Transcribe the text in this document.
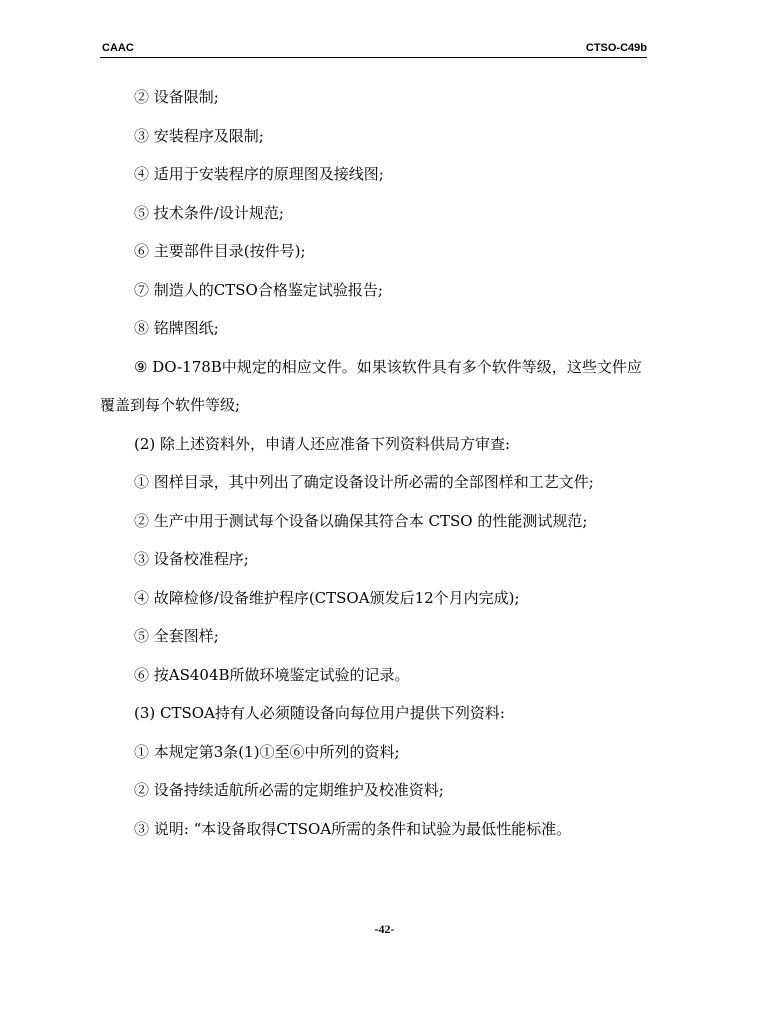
CAAC	CTSO-C49b

② 设备限制;

③ 安装程序及限制;

④ 适用于安装程序的原理图及接线图;

⑤ 技术条件/设计规范;

⑥ 主要部件目录(按件号);

⑦ 制造人的CTSO合格鉴定试验报告;

⑧ 铭牌图纸;

⑨ DO-178B中规定的相应文件。如果该软件具有多个软件等级，这些文件应覆盖到每个软件等级;

(2) 除上述资料外，申请人还应准备下列资料供局方审查:

① 图样目录，其中列出了确定设备设计所必需的全部图样和工艺文件;

② 生产中用于测试每个设备以确保其符合本 CTSO 的性能测试规范;

③ 设备校准程序;

④ 故障检修/设备维护程序(CTSOA颁发后12个月内完成);

⑤ 全套图样;

⑥ 按AS404B所做环境鉴定试验的记录。

(3) CTSOA持有人必须随设备向每位用户提供下列资料:

① 本规定第3条(1)①至⑥中所列的资料;

② 设备持续适航所必需的定期维护及校准资料;

③ 说明: “本设备取得CTSOA所需的条件和试验为最低性能标准。

-42-
